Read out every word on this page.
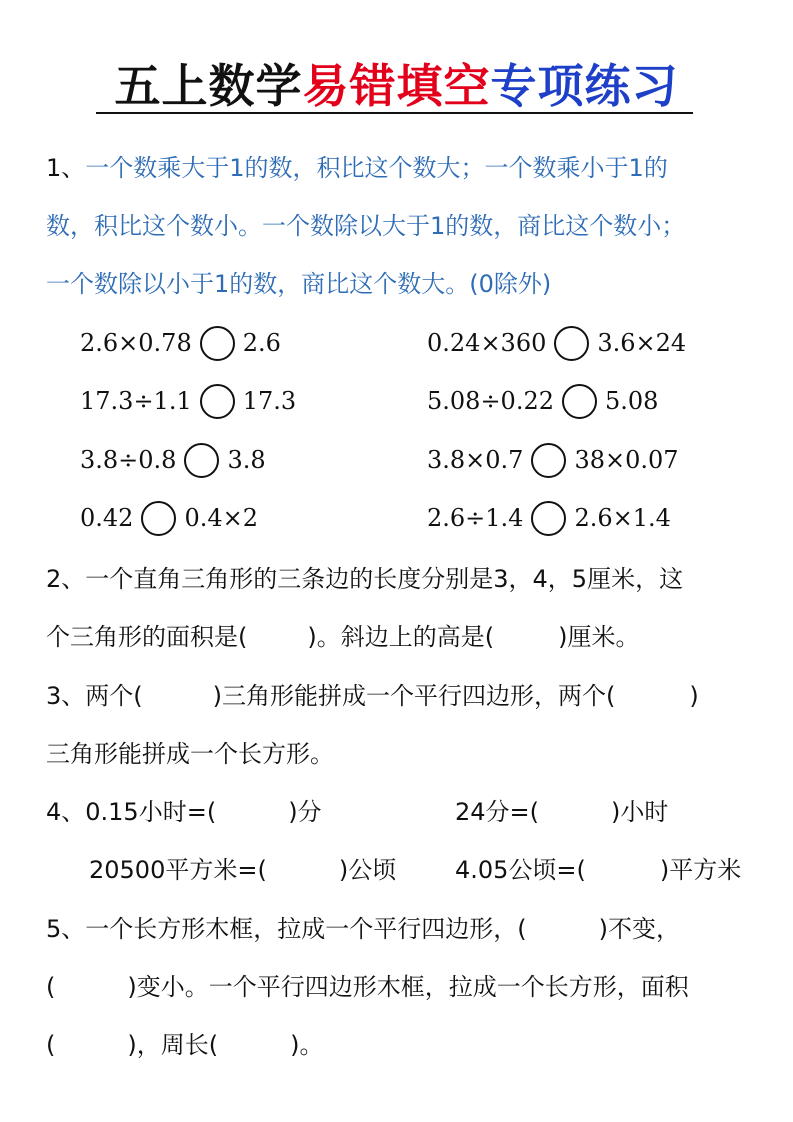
五上数学易错填空专项练习
1、一个数乘大于1的数，积比这个数大；一个数乘小于1的
数，积比这个数小。一个数除以大于1的数，商比这个数小；
一个数除以小于1的数，商比这个数大。(0除外)
2.6×0.78 2.6	0.24×360 3.6×24
17.3÷1.1 17.3	5.08÷0.22 5.08
3.8÷0.8 3.8	3.8×0.7 38×0.07
0.42 0.4×2	2.6÷1.4 2.6×1.4
2、一个直角三角形的三条边的长度分别是3，4，5厘米，这
个三角形的面积是(	)。斜边上的高是(	)厘米。
3、两个(	)三角形能拼成一个平行四边形，两个(	)
三角形能拼成一个长方形。
4、0.15小时=(	)分	24分=(	)小时
20500平方米=(	)公顷 4.05公顷=(	)平方米
5、一个长方形木框，拉成一个平行四边形，(	)不变，
(	)变小。一个平行四边形木框，拉成一个长方形，面积
(	)，周长(	)。
